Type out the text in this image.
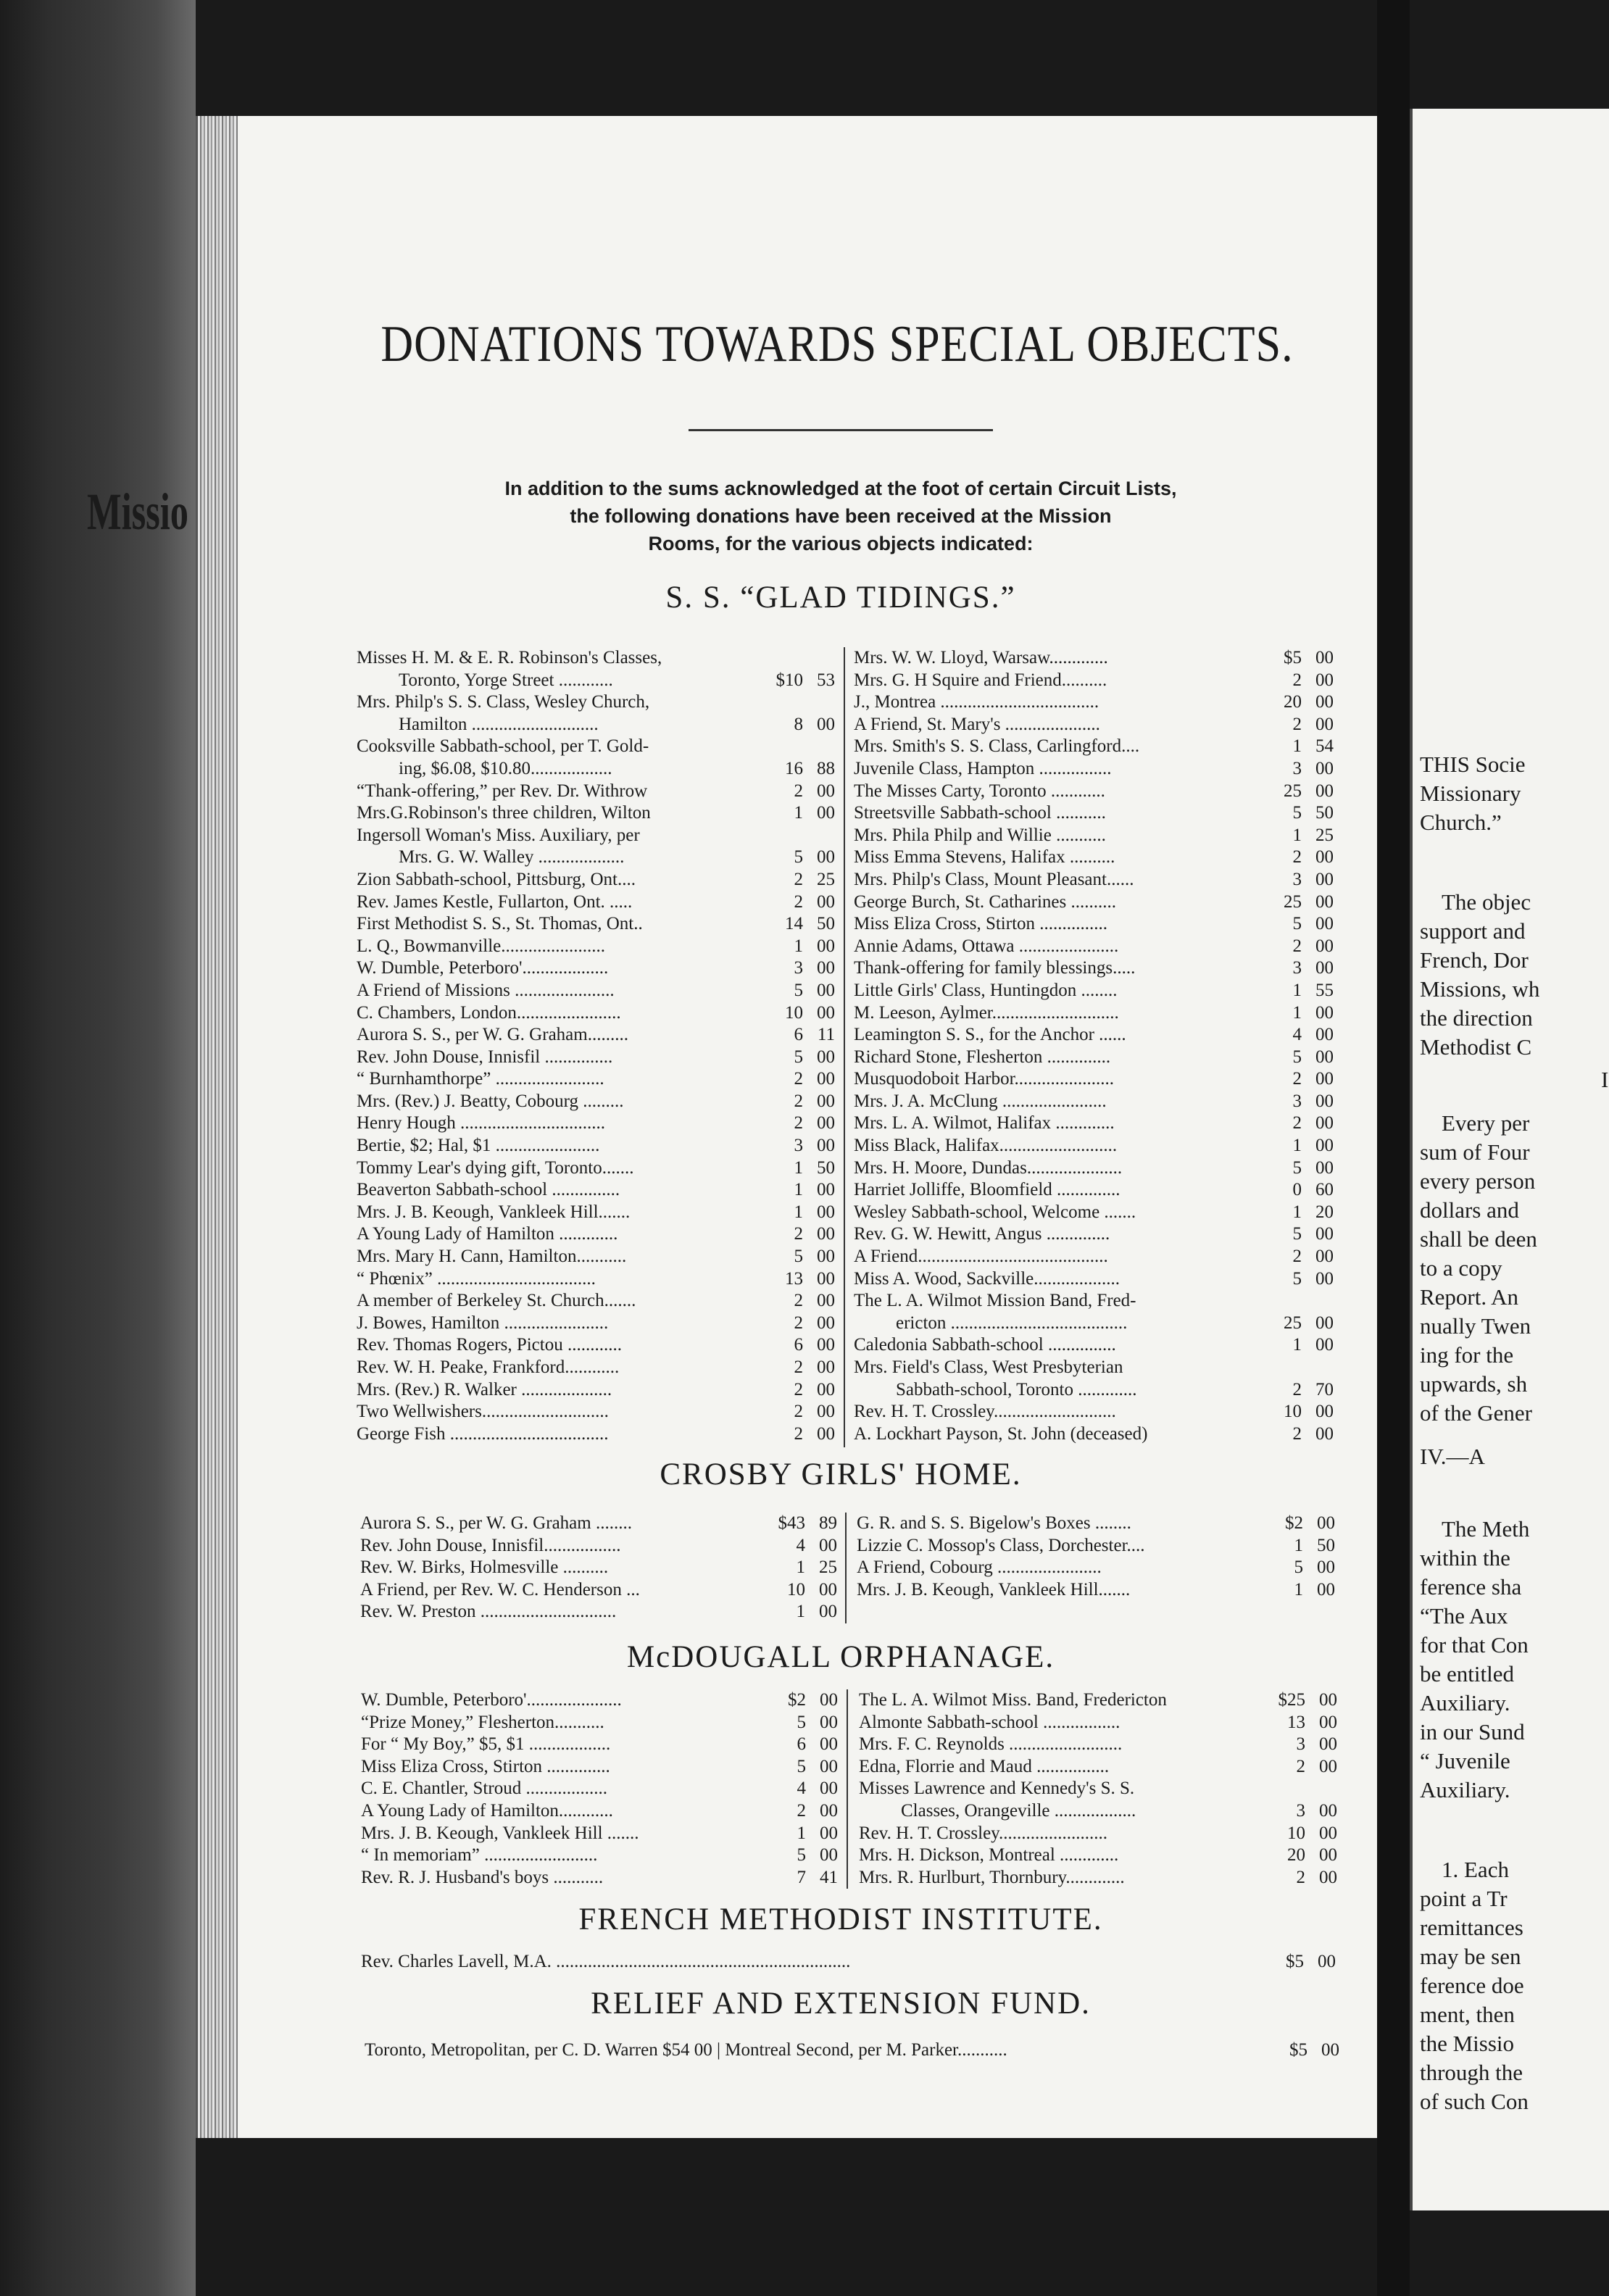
THIS Socie
Missionary
Church.”
The objec
support and
French, Dor
Missions, wh
the direction
Methodist C
I
Every per
sum of Four
every person
dollars and
shall be deen
to a copy
Report. An
nually Twen
ing for the
upwards, sh
of the Gener
IV.—A
The Meth
within the
ference sha
“The Aux
for that Con
be entitled
Auxiliary.
in our Sund
“ Juvenile
Auxiliary.
1. Each
point a Tr
remittances
may be sen
ference doe
ment, then
the Missio
through the
of such Con
DONATIONS TOWARDS SPECIAL OBJECTS.
In addition to the sums acknowledged at the foot of certain Circuit Lists,
the following donations have been received at the Mission
Rooms, for the various objects indicated:
S. S. “GLAD TIDINGS.”
Misses H. M. & E. R. Robinson's Classes,
Toronto, Yorge Street ............	$10 53
Mrs. Philp's S. S. Class, Wesley Church,
Hamilton ............................	8 00
Cooksville Sabbath-school, per T. Gold-
ing, $6.08, $10.80..................	16 88
“Thank-offering,” per Rev. Dr. Withrow	2 00
Mrs.G.Robinson's three children, Wilton	1 00
Ingersoll Woman's Miss. Auxiliary, per
Mrs. G. W. Walley ...................	5 00
Zion Sabbath-school, Pittsburg, Ont....	2 25
Rev. James Kestle, Fullarton, Ont. .....	2 00
First Methodist S. S., St. Thomas, Ont..	14 50
L. Q., Bowmanville.......................	1 00
W. Dumble, Peterboro'...................	3 00
A Friend of Missions ......................	5 00
C. Chambers, London.......................	10 00
Aurora S. S., per W. G. Graham.........	6 11
Rev. John Douse, Innisfil ...............	5 00
“ Burnhamthorpe” ........................	2 00
Mrs. (Rev.) J. Beatty, Cobourg .........	2 00
Henry Hough ................................	2 00
Bertie, $2; Hal, $1 .......................	3 00
Tommy Lear's dying gift, Toronto.......	1 50
Beaverton Sabbath-school ...............	1 00
Mrs. J. B. Keough, Vankleek Hill.......	1 00
A Young Lady of Hamilton .............	2 00
Mrs. Mary H. Cann, Hamilton...........	5 00
“ Phœnix” ...................................	13 00
A member of Berkeley St. Church.......	2 00
J. Bowes, Hamilton .......................	2 00
Rev. Thomas Rogers, Pictou ............	6 00
Rev. W. H. Peake, Frankford............	2 00
Mrs. (Rev.) R. Walker ....................	2 00
Two Wellwishers............................	2 00
George Fish ...................................	2 00
Mrs. W. W. Lloyd, Warsaw.............	$5 00
Mrs. G. H Squire and Friend..........	2 00
J., Montrea ...................................	20 00
A Friend, St. Mary's .....................	2 00
Mrs. Smith's S. S. Class, Carlingford....	1 54
Juvenile Class, Hampton ................	3 00
The Misses Carty, Toronto ............	25 00
Streetsville Sabbath-school ...........	5 50
Mrs. Phila Philp and Willie ...........	1 25
Miss Emma Stevens, Halifax ..........	2 00
Mrs. Philp's Class, Mount Pleasant......	3 00
George Burch, St. Catharines ..........	25 00
Miss Eliza Cross, Stirton ...............	5 00
Annie Adams, Ottawa ......................	2 00
Thank-offering for family blessings.....	3 00
Little Girls' Class, Huntingdon ........	1 55
M. Leeson, Aylmer............................	1 00
Leamington S. S., for the Anchor ......	4 00
Richard Stone, Flesherton ..............	5 00
Musquodoboit Harbor......................	2 00
Mrs. J. A. McClung .......................	3 00
Mrs. L. A. Wilmot, Halifax .............	2 00
Miss Black, Halifax..........................	1 00
Mrs. H. Moore, Dundas.....................	5 00
Harriet Jolliffe, Bloomfield ..............	0 60
Wesley Sabbath-school, Welcome .......	1 20
Rev. G. W. Hewitt, Angus ..............	5 00
A Friend..........................................	2 00
Miss A. Wood, Sackville...................	5 00
The L. A. Wilmot Mission Band, Fred-
ericton .......................................	25 00
Caledonia Sabbath-school ...............	1 00
Mrs. Field's Class, West Presbyterian
Sabbath-school, Toronto .............	2 70
Rev. H. T. Crossley...........................	10 00
A. Lockhart Payson, St. John (deceased)	2 00
CROSBY GIRLS' HOME.
Aurora S. S., per W. G. Graham ........	$43 89
Rev. John Douse, Innisfil.................	4 00
Rev. W. Birks, Holmesville ..........	1 25
A Friend, per Rev. W. C. Henderson ...	10 00
Rev. W. Preston ..............................	1 00
G. R. and S. S. Bigelow's Boxes ........	$2 00
Lizzie C. Mossop's Class, Dorchester....	1 50
A Friend, Cobourg .......................	5 00
Mrs. J. B. Keough, Vankleek Hill.......	1 00
McDOUGALL ORPHANAGE.
W. Dumble, Peterboro'.....................	$2 00
“Prize Money,” Flesherton...........	5 00
For “ My Boy,” $5, $1 ..................	6 00
Miss Eliza Cross, Stirton ..............	5 00
C. E. Chantler, Stroud ..................	4 00
A Young Lady of Hamilton............	2 00
Mrs. J. B. Keough, Vankleek Hill .......	1 00
“ In memoriam” .........................	5 00
Rev. R. J. Husband's boys ...........	7 41
The L. A. Wilmot Miss. Band, Fredericton	$25 00
Almonte Sabbath-school .................	13 00
Mrs. F. C. Reynolds .........................	3 00
Edna, Florrie and Maud ................	2 00
Misses Lawrence and Kennedy's S. S.
Classes, Orangeville ..................	3 00
Rev. H. T. Crossley........................	10 00
Mrs. H. Dickson, Montreal .............	20 00
Mrs. R. Hurlburt, Thornbury.............	2 00
FRENCH METHODIST INSTITUTE.
Rev. Charles Lavell, M.A. .................................................................	$5 00
RELIEF AND EXTENSION FUND.
Toronto, Metropolitan, per C. D. Warren $54 00 | Montreal Second, per M. Parker...........	$5 00
Missio
